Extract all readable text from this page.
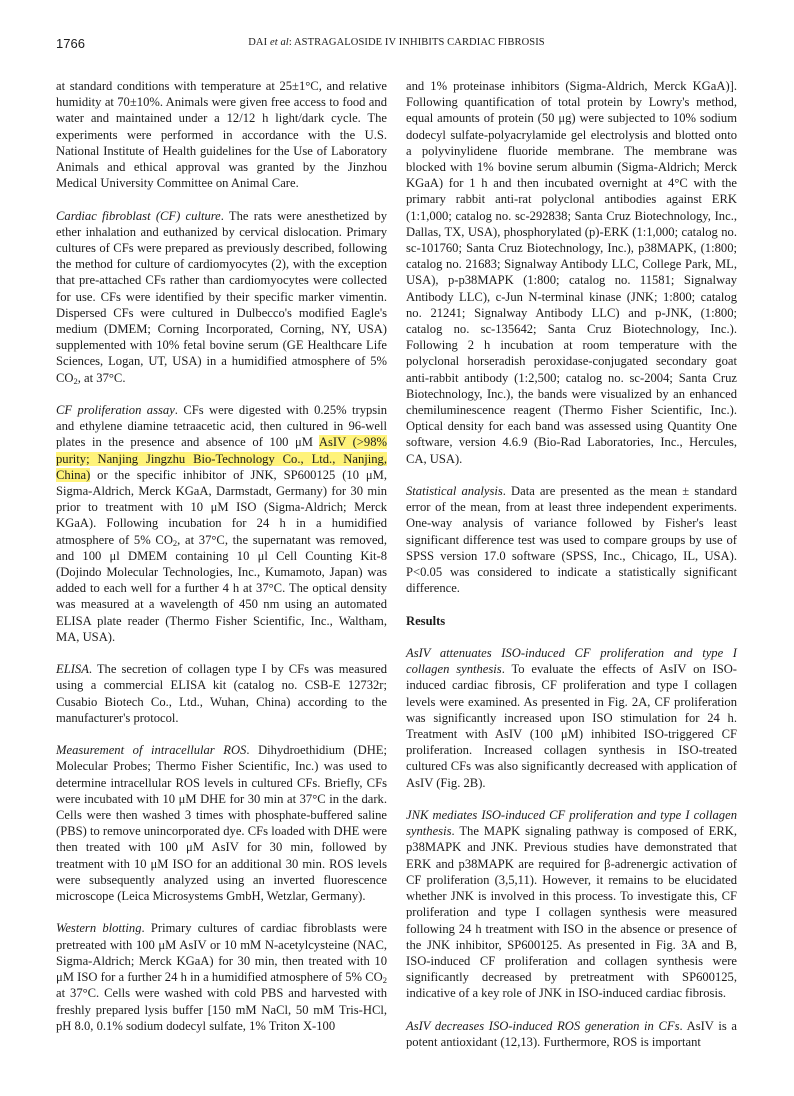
1766	DAI et al: ASTRAGALOSIDE IV INHIBITS CARDIAC FIBROSIS

at standard conditions with temperature at 25±1°C, and relative humidity at 70±10%. Animals were given free access to food and water and maintained under a 12/12 h light/dark cycle. The experiments were performed in accordance with the U.S. National Institute of Health guidelines for the Use of Laboratory Animals and ethical approval was granted by the Jinzhou Medical University Committee on Animal Care.

Cardiac fibroblast (CF) culture. The rats were anesthetized by ether inhalation and euthanized by cervical dislocation. Primary cultures of CFs were prepared as previously described, following the method for culture of cardiomyocytes (2), with the exception that pre-attached CFs rather than cardiomyocytes were collected for use. CFs were identified by their specific marker vimentin. Dispersed CFs were cultured in Dulbecco's modified Eagle's medium (DMEM; Corning Incorporated, Corning, NY, USA) supplemented with 10% fetal bovine serum (GE Healthcare Life Sciences, Logan, UT, USA) in a humidified atmosphere of 5% $CO_2$, at 37°C.

CF proliferation assay. CFs were digested with 0.25% trypsin and ethylene diamine tetraacetic acid, then cultured in 96-well plates in the presence and absence of 100 μM AsIV (>98% purity; Nanjing Jingzhu Bio-Technology Co., Ltd., Nanjing, China) or the specific inhibitor of JNK, SP600125 (10 μM, Sigma-Aldrich, Merck KGaA, Darmstadt, Germany) for 30 min prior to treatment with 10 μM ISO (Sigma-Aldrich; Merck KGaA). Following incubation for 24 h in a humidified atmosphere of 5% $CO_2$, at 37°C, the supernatant was removed, and 100 μl DMEM containing 10 μl Cell Counting Kit-8 (Dojindo Molecular Technologies, Inc., Kumamoto, Japan) was added to each well for a further 4 h at 37°C. The optical density was measured at a wavelength of 450 nm using an automated ELISA plate reader (Thermo Fisher Scientific, Inc., Waltham, MA, USA).

ELISA. The secretion of collagen type I by CFs was measured using a commercial ELISA kit (catalog no. CSB-E 12732r; Cusabio Biotech Co., Ltd., Wuhan, China) according to the manufacturer's protocol.

Measurement of intracellular ROS. Dihydroethidium (DHE; Molecular Probes; Thermo Fisher Scientific, Inc.) was used to determine intracellular ROS levels in cultured CFs. Briefly, CFs were incubated with 10 μM DHE for 30 min at 37°C in the dark. Cells were then washed 3 times with phosphate-buffered saline (PBS) to remove unincorporated dye. CFs loaded with DHE were then treated with 100 μM AsIV for 30 min, followed by treatment with 10 μM ISO for an additional 30 min. ROS levels were subsequently analyzed using an inverted fluorescence microscope (Leica Microsystems GmbH, Wetzlar, Germany).

Western blotting. Primary cultures of cardiac fibroblasts were pretreated with 100 μM AsIV or 10 mM N-acetylcysteine (NAC, Sigma-Aldrich; Merck KGaA) for 30 min, then treated with 10 μM ISO for a further 24 h in a humidified atmosphere of 5% $CO_2$ at 37°C. Cells were washed with cold PBS and harvested with freshly prepared lysis buffer [150 mM NaCl, 50 mM Tris-HCl, pH 8.0, 0.1% sodium dodecyl sulfate, 1% Triton X-100

and 1% proteinase inhibitors (Sigma-Aldrich, Merck KGaA)]. Following quantification of total protein by Lowry's method, equal amounts of protein (50 μg) were subjected to 10% sodium dodecyl sulfate-polyacrylamide gel electrolysis and blotted onto a polyvinylidene fluoride membrane. The membrane was blocked with 1% bovine serum albumin (Sigma-Aldrich; Merck KGaA) for 1 h and then incubated overnight at 4°C with the primary rabbit anti-rat polyclonal antibodies against ERK (1:1,000; catalog no. sc-292838; Santa Cruz Biotechnology, Inc., Dallas, TX, USA), phosphorylated (p)-ERK (1:1,000; catalog no. sc-101760; Santa Cruz Biotechnology, Inc.), p38MAPK, (1:800; catalog no. 21683; Signalway Antibody LLC, College Park, ML, USA), p-p38MAPK (1:800; catalog no. 11581; Signalway Antibody LLC), c-Jun N-terminal kinase (JNK; 1:800; catalog no. 21241; Signalway Antibody LLC) and p-JNK, (1:800; catalog no. sc-135642; Santa Cruz Biotechnology, Inc.). Following 2 h incubation at room temperature with the polyclonal horseradish peroxidase-conjugated secondary goat anti-rabbit antibody (1:2,500; catalog no. sc-2004; Santa Cruz Biotechnology, Inc.), the bands were visualized by an enhanced chemiluminescence reagent (Thermo Fisher Scientific, Inc.). Optical density for each band was assessed using Quantity One software, version 4.6.9 (Bio-Rad Laboratories, Inc., Hercules, CA, USA).

Statistical analysis. Data are presented as the mean ± standard error of the mean, from at least three independent experiments. One-way analysis of variance followed by Fisher's least significant difference test was used to compare groups by use of SPSS version 17.0 software (SPSS, Inc., Chicago, IL, USA). P<0.05 was considered to indicate a statistically significant difference.

Results

AsIV attenuates ISO-induced CF proliferation and type I collagen synthesis. To evaluate the effects of AsIV on ISO-induced cardiac fibrosis, CF proliferation and type I collagen levels were examined. As presented in Fig. 2A, CF proliferation was significantly increased upon ISO stimulation for 24 h. Treatment with AsIV (100 μM) inhibited ISO-triggered CF proliferation. Increased collagen synthesis in ISO-treated cultured CFs was also significantly decreased with application of AsIV (Fig. 2B).

JNK mediates ISO-induced CF proliferation and type I collagen synthesis. The MAPK signaling pathway is composed of ERK, p38MAPK and JNK. Previous studies have demonstrated that ERK and p38MAPK are required for β-adrenergic activation of CF proliferation (3,5,11). However, it remains to be elucidated whether JNK is involved in this process. To investigate this, CF proliferation and type I collagen synthesis were measured following 24 h treatment with ISO in the absence or presence of the JNK inhibitor, SP600125. As presented in Fig. 3A and B, ISO-induced CF proliferation and collagen synthesis were significantly decreased by pretreatment with SP600125, indicative of a key role of JNK in ISO-induced cardiac fibrosis.

AsIV decreases ISO-induced ROS generation in CFs. AsIV is a potent antioxidant (12,13). Furthermore, ROS is important
